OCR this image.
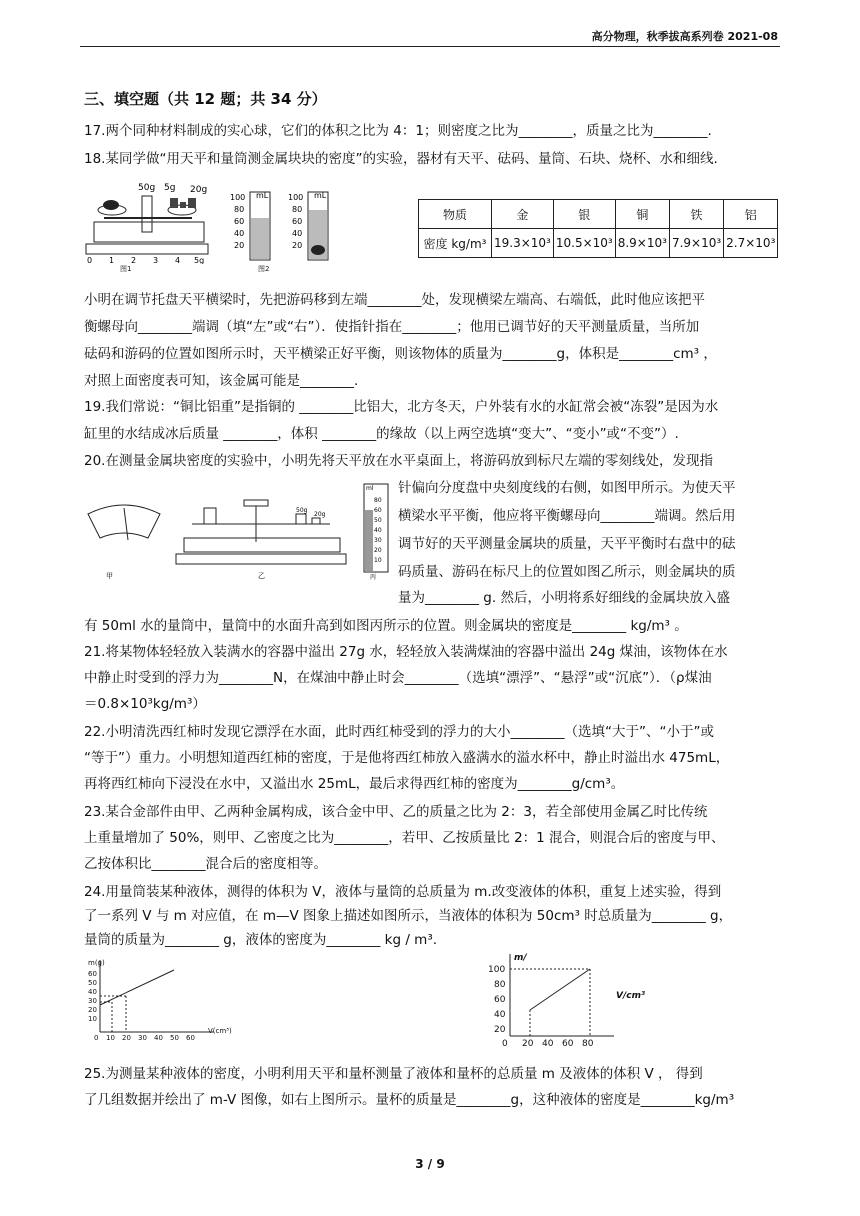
高分物理，秋季拔高系列卷 2021-08
三、填空题（共 12 题；共 34 分）
17.两个同种材料制成的实心球，它们的体积之比为 4：1；则密度之比为________，质量之比为________.
18.某同学做“用天平和量筒测金属块块的密度”的实验，器材有天平、砝码、量筒、石块、烧杯、水和细线.
50g 5g 20g
0 1 2 3 4 5g
图1
100
80
60
40
20
100
80
60
40
20
mL	mL
图2
物质	金	银	铜	铁	铝
密度 kg/m³	19.3×10³	10.5×10³	8.9×10³	7.9×10³	2.7×10³
小明在调节托盘天平横梁时，先把游码移到左端________处，发现横梁左端高、右端低，此时他应该把平
衡螺母向________端调（填“左”或“右”）．使指针指在________；他用已调节好的天平测量质量，当所加
砝码和游码的位置如图所示时，天平横梁正好平衡，则该物体的质量为________g，体积是________cm³ ，
对照上面密度表可知，该金属可能是________.
19.我们常说：“铜比铝重”是指铜的 ________比铝大，北方冬天，户外装有水的水缸常会被“冻裂”是因为水
缸里的水结成冰后质量 ________，体积 ________的缘故（以上两空选填“变大”、“变小”或“不变”）.
20.在测量金属块密度的实验中，小明先将天平放在水平桌面上，将游码放到标尺左端的零刻线处，发现指
甲
50g
20g
乙
ml
80
60
50
40
30
20
10
丙
针偏向分度盘中央刻度线的右侧，如图甲所示。为使天平
横梁水平平衡，他应将平衡螺母向________端调。然后用
调节好的天平测量金属块的质量，天平平衡时右盘中的砝
码质量、游码在标尺上的位置如图乙所示，则金属块的质
量为________ g. 然后，小明将系好细线的金属块放入盛
有 50ml 水的量筒中，量筒中的水面升高到如图丙所示的位置。则金属块的密度是________ kg/m³ 。
21.将某物体轻轻放入装满水的容器中溢出 27g 水，轻轻放入装满煤油的容器中溢出 24g 煤油，该物体在水
中静止时受到的浮力为________N，在煤油中静止时会________（选填“漂浮”、“悬浮”或“沉底”）．（ρ煤油
＝0.8×10³kg/m³）
22.小明清洗西红柿时发现它漂浮在水面，此时西红柿受到的浮力的大小________（选填“大于”、“小于”或
“等于”）重力。小明想知道西红柿的密度，于是他将西红柿放入盛满水的溢水杯中，静止时溢出水 475mL，
再将西红柿向下浸没在水中，又溢出水 25mL，最后求得西红柿的密度为________g/cm³。
23.某合金部件由甲、乙两种金属构成，该合金中甲、乙的质量之比为 2：3，若全部使用金属乙时比传统
上重量增加了 50%，则甲、乙密度之比为________，若甲、乙按质量比 2：1 混合，则混合后的密度与甲、
乙按体积比________混合后的密度相等。
24.用量筒装某种液体，测得的体积为 V，液体与量筒的总质量为 m.改变液体的体积，重复上述实验，得到
了一系列 V 与 m 对应值，在 m—V 图象上描述如图所示，当液体的体积为 50cm³ 时总质量为________ g，
量筒的质量为________ g，液体的密度为________ kg / m³.
m(g)
V(cm³)
60
50
40
30
20
10
0 10 20 30 40 50 60
m/
V/cm³
100
80
60
40
20
0 20 40 60 80
25.为测量某种液体的密度，小明利用天平和量杯测量了液体和量杯的总质量 m 及液体的体积 V ， 得到
了几组数据并绘出了 m-V 图像，如右上图所示。量杯的质量是________g，这种液体的密度是________kg/m³
3 / 9
